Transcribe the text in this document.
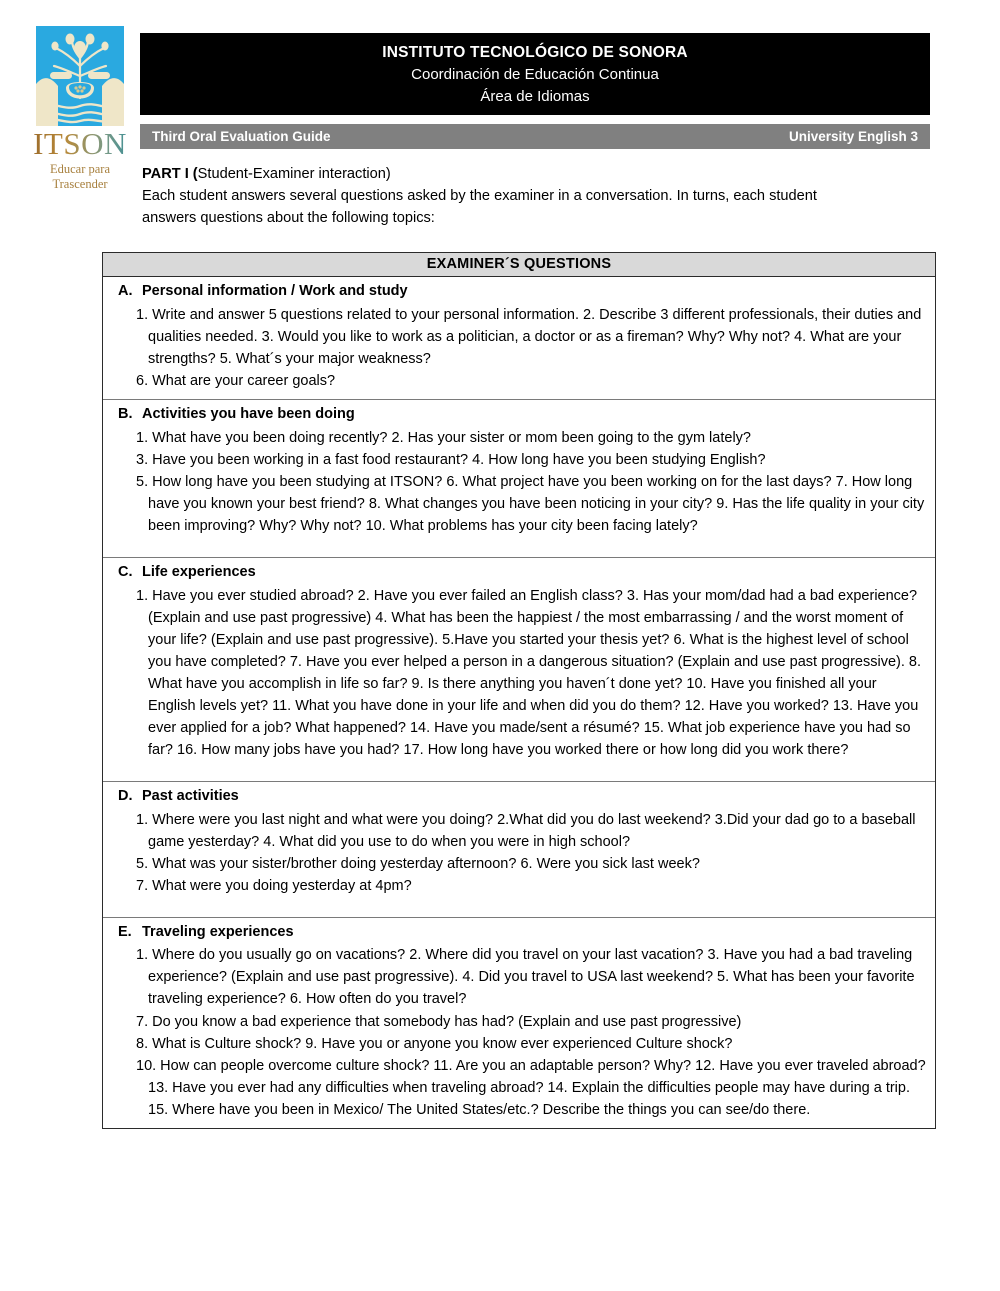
ITSON
Educar para
Trascender
INSTITUTO TECNOLÓGICO DE SONORA
Coordinación de Educación Continua
Área de Idiomas
Third Oral Evaluation Guide	University English 3
PART I (Student-Examiner interaction)
Each student answers several questions asked by the examiner in a conversation. In turns, each student answers questions about the following topics:
EXAMINER´S QUESTIONS
A. Personal information / Work and study

1. Write and answer 5 questions related to your personal information. 2. Describe 3 different professionals, their duties and qualities needed. 3. Would you like to work as a politician, a doctor or as a fireman? Why? Why not? 4. What are your strengths? 5. What´s your major weakness?

6. What are your career goals?

B. Activities you have been doing

1. What have you been doing recently? 2. Has your sister or mom been going to the gym lately?

3. Have you been working in a fast food restaurant? 4. How long have you been studying English?

5. How long have you been studying at ITSON? 6. What project have you been working on for the last days? 7. How long have you known your best friend? 8. What changes you have been noticing in your city? 9. Has the life quality in your city been improving? Why? Why not? 10. What problems has your city been facing lately?

C. Life experiences

1. Have you ever studied abroad? 2. Have you ever failed an English class? 3. Has your mom/dad had a bad experience? (Explain and use past progressive) 4. What has been the happiest / the most embarrassing / and the worst moment of your life? (Explain and use past progressive). 5.Have you started your thesis yet? 6. What is the highest level of school you have completed? 7. Have you ever helped a person in a dangerous situation? (Explain and use past progressive). 8. What have you accomplish in life so far? 9. Is there anything you haven´t done yet? 10. Have you finished all your English levels yet? 11. What you have done in your life and when did you do them? 12. Have you worked? 13. Have you ever applied for a job? What happened? 14. Have you made/sent a résumé? 15. What job experience have you had so far? 16. How many jobs have you had? 17. How long have you worked there or how long did you work there?

D. Past activities

1. Where were you last night and what were you doing? 2.What did you do last weekend? 3.Did your dad go to a baseball game yesterday? 4. What did you use to do when you were in high school?

5. What was your sister/brother doing yesterday afternoon? 6. Were you sick last week?

7. What were you doing yesterday at 4pm?

E. Traveling experiences

1. Where do you usually go on vacations? 2. Where did you travel on your last vacation? 3. Have you had a bad traveling experience? (Explain and use past progressive). 4. Did you travel to USA last weekend? 5. What has been your favorite traveling experience? 6. How often do you travel?

7. Do you know a bad experience that somebody has had? (Explain and use past progressive)

8. What is Culture shock? 9. Have you or anyone you know ever experienced Culture shock?

10. How can people overcome culture shock? 11. Are you an adaptable person? Why? 12. Have you ever traveled abroad? 13. Have you ever had any difficulties when traveling abroad? 14. Explain the difficulties people may have during a trip. 15. Where have you been in Mexico/ The United States/etc.? Describe the things you can see/do there.
